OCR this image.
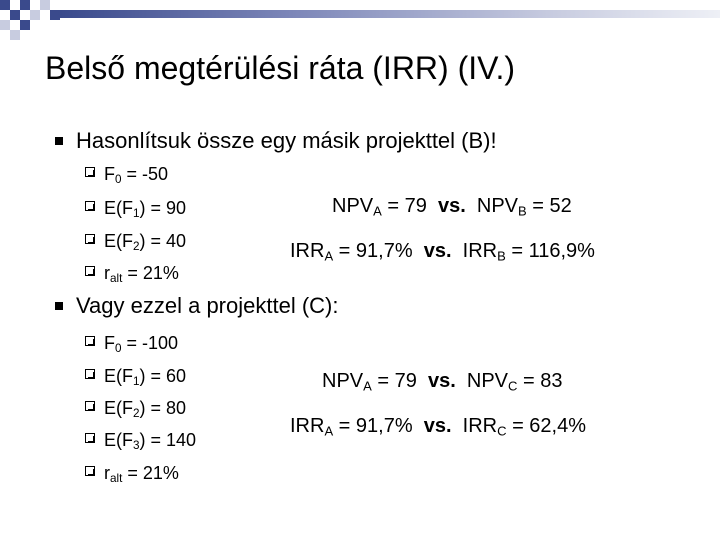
Belső megtérülési ráta (IRR) (IV.)
Hasonlítsuk össze egy másik projekttel (B)!
$F_0 = -50$
$E(F_1) = 90$
$E(F_2) = 40$
$r_{alt} = 21\%$
$NPV_A = 79$  vs.  $NPV_B = 52$
$IRR_A = 91,7\%$  vs.  $IRR_B = 116,9\%$
Vagy ezzel a projekttel (C):
$F_0 = -100$
$E(F_1) = 60$
$E(F_2) = 80$
$E(F_3) = 140$
$r_{alt} = 21\%$
$NPV_A = 79$  vs.  $NPV_C = 83$
$IRR_A = 91,7\%$  vs.  $IRR_C = 62,4\%$
